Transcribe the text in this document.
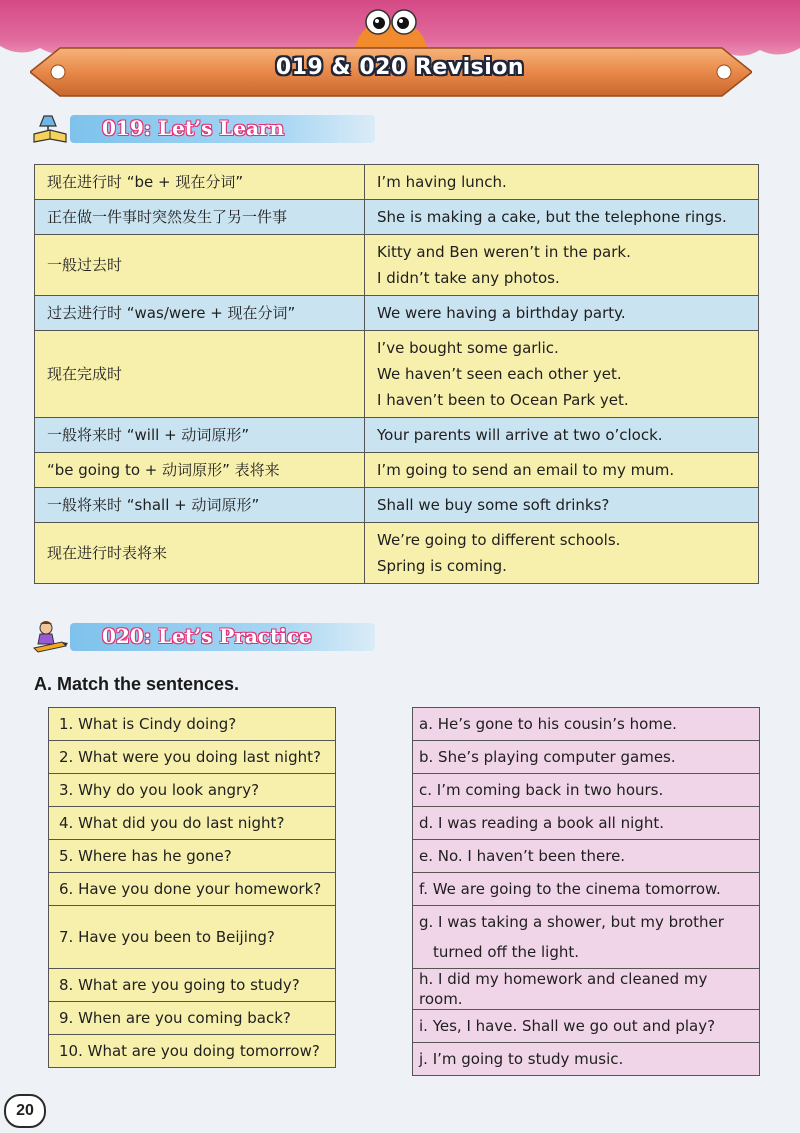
019 & 020 Revision
019: Let’s Learn
现在进行时 “be + 现在分词”	I’m having lunch.

正在做一件事时突然发生了另一件事	She is making a cake, but the telephone rings.

一般过去时	Kitty and Ben weren’t in the park.
I didn’t take any photos.

过去进行时 “was/were + 现在分词”	We were having a birthday party.

现在完成时	I’ve bought some garlic.
We haven’t seen each other yet.
I haven’t been to Ocean Park yet.

一般将来时 “will + 动词原形”	Your parents will arrive at two o’clock.

“be going to + 动词原形” 表将来	I’m going to send an email to my mum.

一般将来时 “shall + 动词原形”	Shall we buy some soft drinks?

现在进行时表将来	We’re going to different schools.
Spring is coming.
020: Let’s Practice
A. Match the sentences.
1. What is Cindy doing?
2. What were you doing last night?
3. Why do you look angry?
4. What did you do last night?
5. Where has he gone?
6. Have you done your homework?
7. Have you been to Beijing?
8. What are you going to study?
9. When are you coming back?
10. What are you doing tomorrow?
a. He’s gone to his cousin’s home.
b. She’s playing computer games.
c. I’m coming back in two hours.
d. I was reading a book all night.
e. No. I haven’t been there.
f. We are going to the cinema tomorrow.

g. I was taking a shower, but my brother
turned off the light.

h. I did my homework and cleaned my room.
i. Yes, I have. Shall we go out and play?
j. I’m going to study music.
20
